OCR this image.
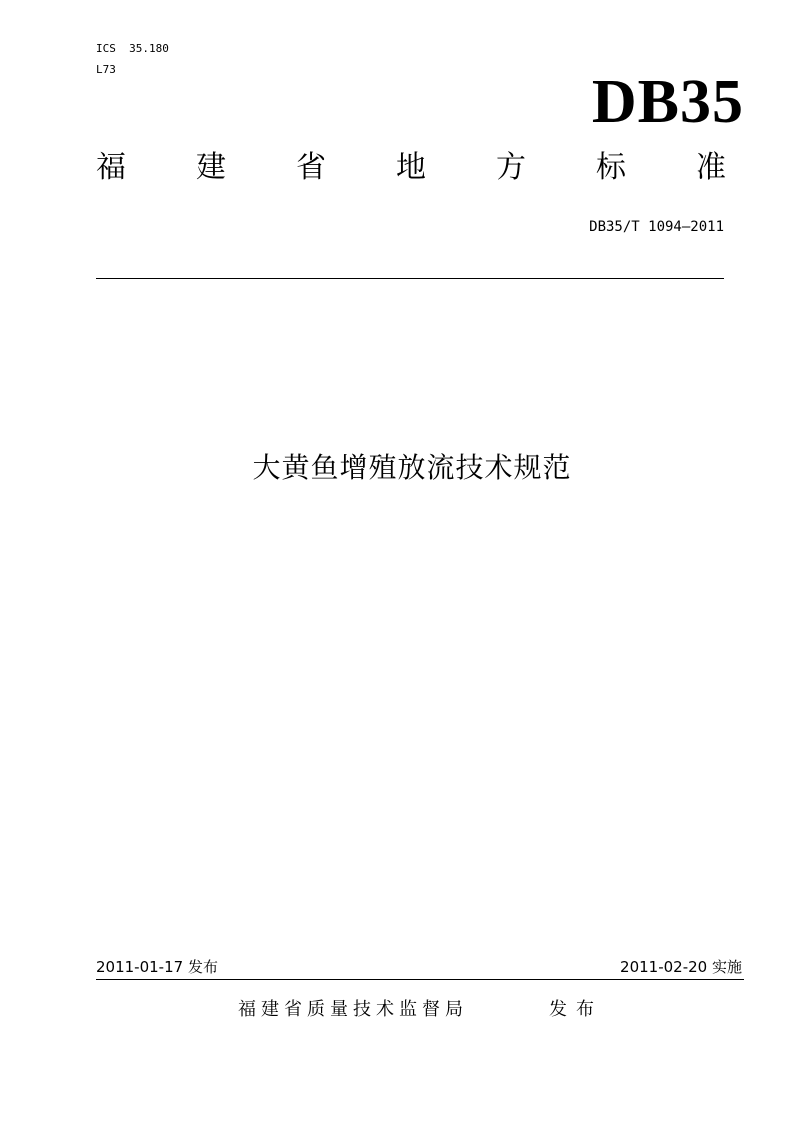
ICS  35.180
L73	DB35
福 建 省 地 方 标 准
DB35/T 1094—2011
大黄鱼增殖放流技术规范
2011-01-17 发布	2011-02-20 实施
福建省质量技术监督局	发布
